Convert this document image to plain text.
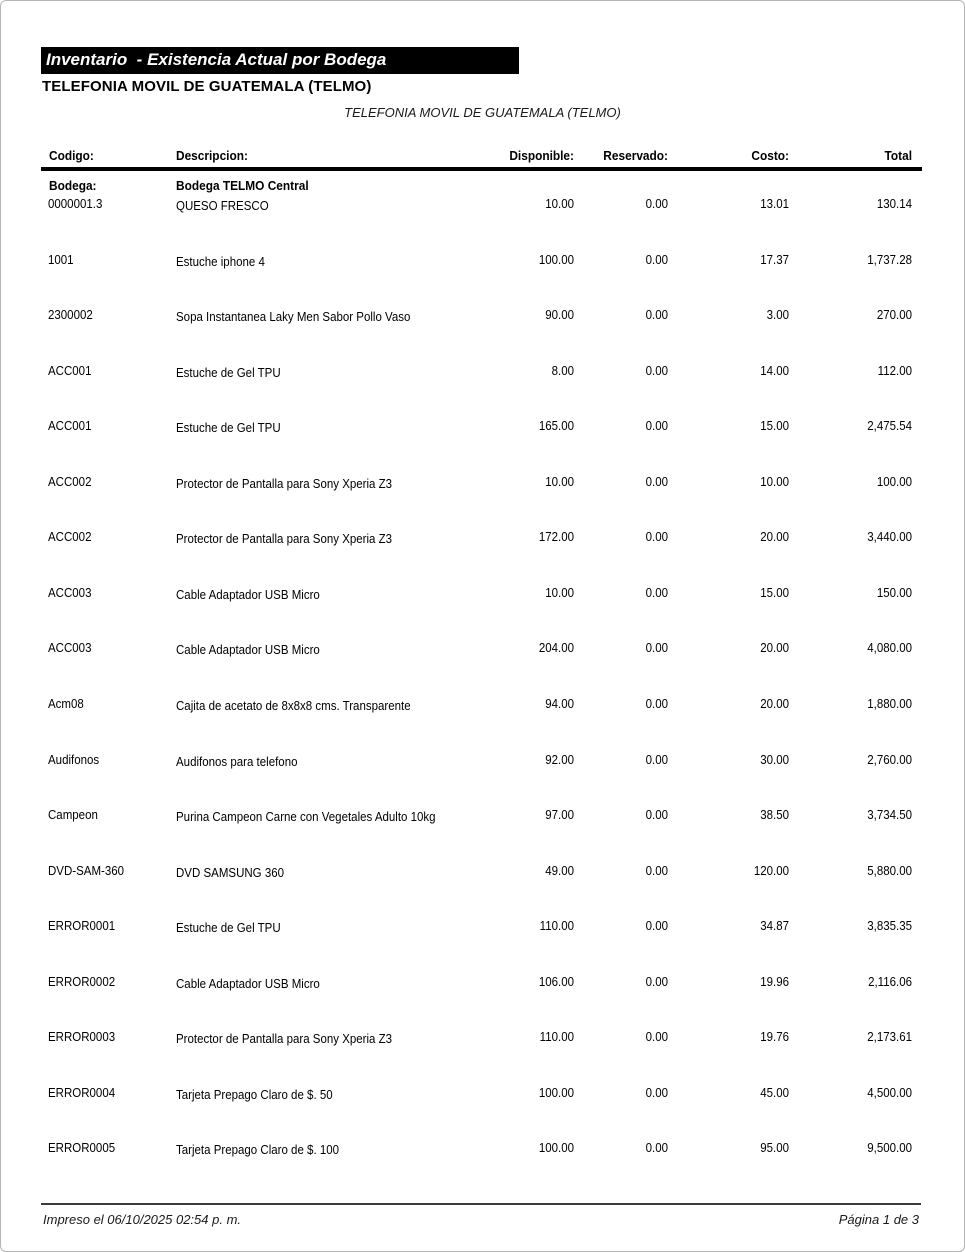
Inventario  - Existencia Actual por Bodega
TELEFONIA MOVIL DE GUATEMALA (TELMO)
TELEFONIA MOVIL DE GUATEMALA (TELMO)
Codigo:	Descripcion:	Disponible:	Reservado:	Costo:	Total
Bodega:	Bodega TELMO Central
0000001.3	QUESO FRESCO	10.00	0.00	13.01	130.14
1001	Estuche iphone 4	100.00	0.00	17.37	1,737.28
2300002	Sopa Instantanea Laky Men Sabor Pollo Vaso	90.00	0.00	3.00	270.00
ACC001	Estuche de Gel TPU	8.00	0.00	14.00	112.00
ACC001	Estuche de Gel TPU	165.00	0.00	15.00	2,475.54
ACC002	Protector de Pantalla para Sony Xperia Z3	10.00	0.00	10.00	100.00
ACC002	Protector de Pantalla para Sony Xperia Z3	172.00	0.00	20.00	3,440.00
ACC003	Cable Adaptador USB Micro	10.00	0.00	15.00	150.00
ACC003	Cable Adaptador USB Micro	204.00	0.00	20.00	4,080.00
Acm08	Cajita de acetato de 8x8x8 cms. Transparente	94.00	0.00	20.00	1,880.00
Audifonos	Audifonos para telefono	92.00	0.00	30.00	2,760.00
Campeon	Purina Campeon Carne con Vegetales Adulto 10kg	97.00	0.00	38.50	3,734.50
DVD-SAM-360	DVD SAMSUNG 360	49.00	0.00	120.00	5,880.00
ERROR0001	Estuche de Gel TPU	110.00	0.00	34.87	3,835.35
ERROR0002	Cable Adaptador USB Micro	106.00	0.00	19.96	2,116.06
ERROR0003	Protector de Pantalla para Sony Xperia Z3	110.00	0.00	19.76	2,173.61
ERROR0004	Tarjeta Prepago Claro de $. 50	100.00	0.00	45.00	4,500.00
ERROR0005	Tarjeta Prepago Claro de $. 100	100.00	0.00	95.00	9,500.00
Impreso el 06/10/2025 02:54 p. m.	Página 1 de 3
